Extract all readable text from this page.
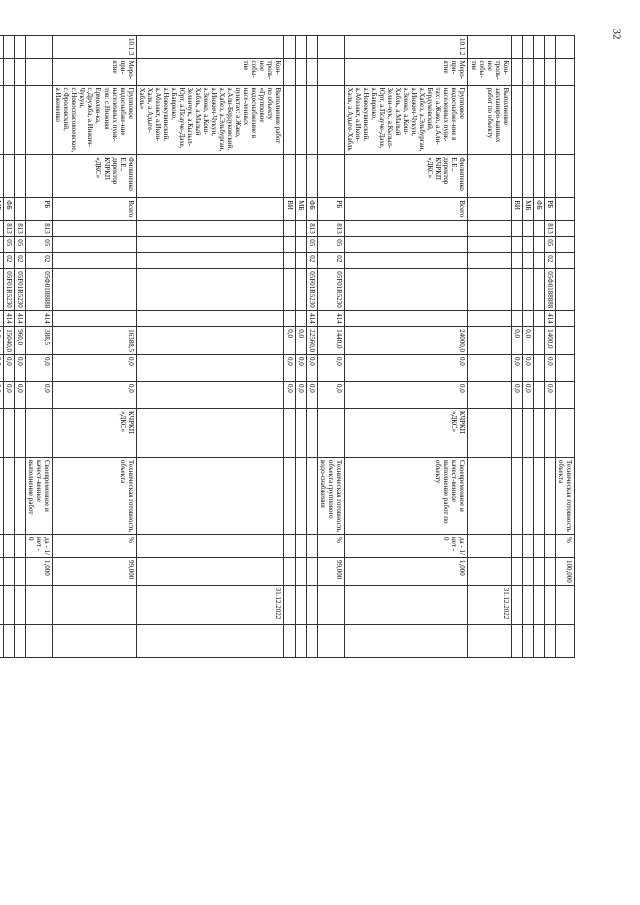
32
														Техническая готовность объекта	%	100,000		
				РБ	813	05	02	05Ф0188888	414	1400,0	0,0	0,0						
				ФБ														
				МБ						0,0	0,0	0,0						
				ВИ						0,0	0,0	0,0						
	Кон-троль-ное собы-тие	Выполнение запланиро-ванных работ по объекту															31.12.2022	
10.1.2	Меро-при-ятие	Групповое водоснабже-ние в населенных пунк-тах: а.Жако, а.Али-Бердуковский, а.Хабез, а.Эльбурган, а.Инжич-Чукун, а.Зеюко, а.Кош-Хабль, а.Малый Зелен-чук, а.Кызыл-Юрт, а.Псауче-Дахе, а.Баврюко, а.Новокувинский, а.Абазакт, а.Икон-Халк, а.Адыге-Хабль	Филипенко Е.Е., директор КЧРКП «ДКС»	Всего						24000,0	0,0	0,0	КЧРКП «ДКС»	Своевременное и качест-венное выполнение работ по объекту	да - 1/ нет - 0	1,000		
				РБ	813	05	02	05F01R5230	414	1440,0	0,0	0,0		Техническая готовность объекта группового водо-снабжения	%	99,000		
				ФБ	813	05	02	05F01R5230	414	22560,0	0,0	0,0						
				МБ						0,0	0,0	0,0						
				ВИ						0,0	0,0	0,0						
	Кон-троль-ное собы-тие	Выполнение работ по объекту «Групповое водоснабжение в насе-ленных пунктах: а.Жако, а.Али-Бердуковский, а.Хабез, а.Эльбурган, а.Инжич-Чукун, а.Зеюко, а.Кош-Хабль, а.Малый Зеленчук, а.Кызыл-Юрт, а.Псауче-Дахе, а.Баврюко, а.Новокувинский, а.Абазакт, а.Икон-Халк, а.Адыге-Хабль»															31.12.2022	
10.1.3	Меро-при-ятие	Групповое водоснабже-ние населенных пунк-тов: с.Нижняя Ермолов-ка, с.Дружба, а.Инжич-Чукун, с.Новоспасовоевское, с.Фроловский, а.Ижевенко	Филипенко Е.Е., директор КЧРКП «ДКС»	Всего						16388,5	0,0	0,0	КЧРКП «ДКС»	Техническая готовность объекта	%	99,000		
				РБ	813	05	02	05Ф0188888	414	388,5	0,0	0,0		Своевременное и качест-венное выполнение работ	да - 1/ нет - 0	1,000		
					813	05	02	05F01R5230	414	960,0	0,0	0,0						
				ФБ	813	05	02	05F01R5230	414	15040,0	0,0	0,0						
